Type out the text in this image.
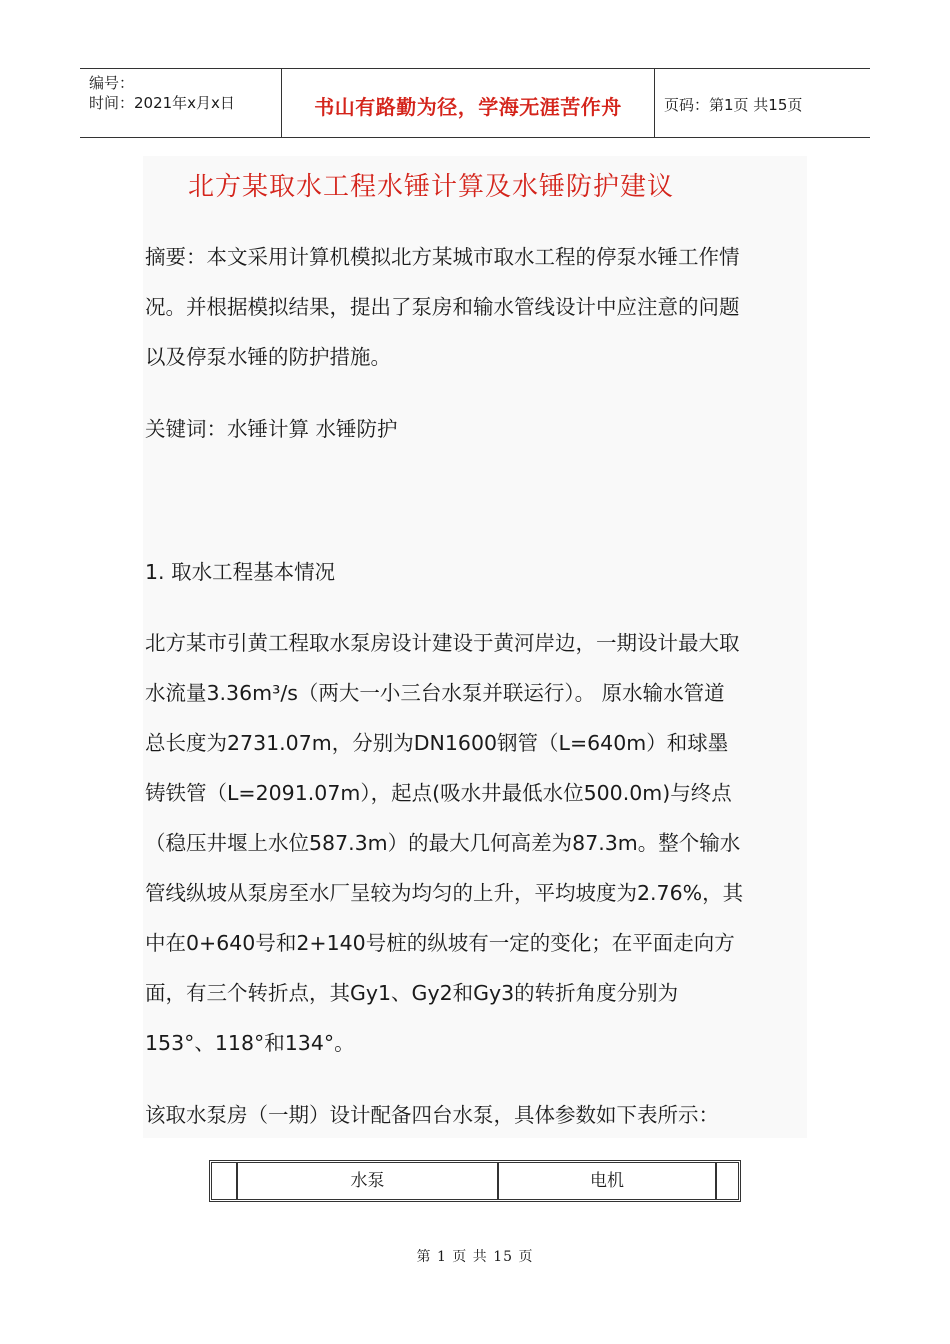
编号：
时间：2021年x月x日	书山有路勤为径，学海无涯苦作舟	页码：第1页 共15页
北方某取水工程水锤计算及水锤防护建议
摘要：本文采用计算机模拟北方某城市取水工程的停泵水锤工作情
况。并根据模拟结果，提出了泵房和输水管线设计中应注意的问题
以及停泵水锤的防护措施。
关键词：水锤计算 水锤防护
1. 取水工程基本情况
北方某市引黄工程取水泵房设计建设于黄河岸边，一期设计最大取
水流量3.36m³/s（两大一小三台水泵并联运行）。 原水输水管道
总长度为2731.07m，分别为DN1600钢管（L=640m）和球墨
铸铁管（L=2091.07m），起点(吸水井最低水位500.0m)与终点
（稳压井堰上水位587.3m）的最大几何高差为87.3m。整个输水
管线纵坡从泵房至水厂呈较为均匀的上升，平均坡度为2.76%，其
中在0+640号和2+140号桩的纵坡有一定的变化；在平面走向方
面，有三个转折点，其Gy1、Gy2和Gy3的转折角度分别为
153°、118°和134°。
该取水泵房（一期）设计配备四台水泵，具体参数如下表所示：
水泵	电机
第 1 页 共 15 页
